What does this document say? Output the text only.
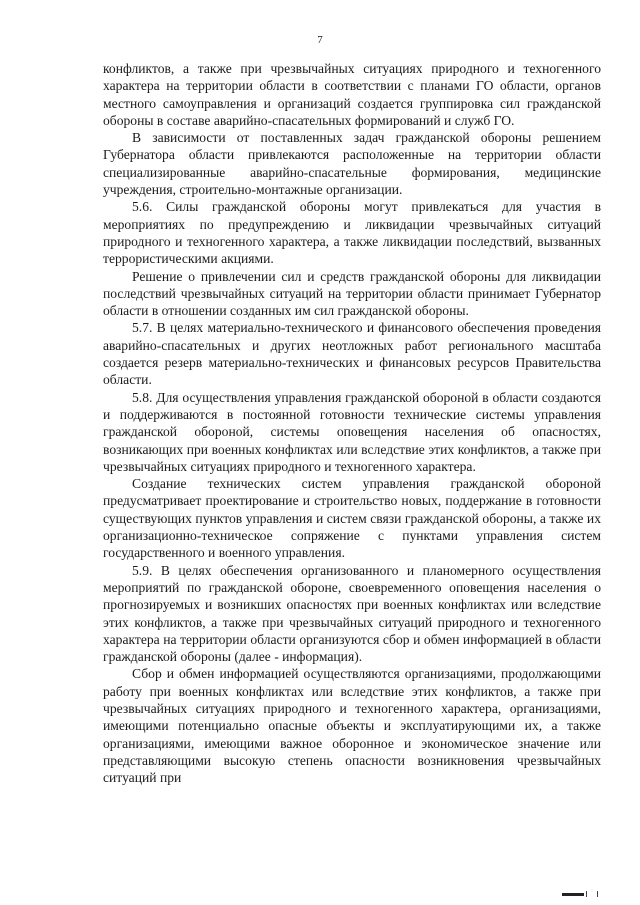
7

конфликтов, а также при чрезвычайных ситуациях природного и техногенного характера на территории области в соответствии с планами ГО области, органов местного самоуправления и организаций создается группировка сил гражданской обороны в составе аварийно-спасательных формирований и служб ГО.

В зависимости от поставленных задач гражданской обороны решением Губернатора области привлекаются расположенные на территории области специализированные аварийно-спасательные формирования, медицинские учреждения, строительно-монтажные организации.

5.6. Силы гражданской обороны могут привлекаться для участия в мероприятиях по предупреждению и ликвидации чрезвычайных ситуаций природного и техногенного характера, а также ликвидации последствий, вызванных террористическими акциями.

Решение о привлечении сил и средств гражданской обороны для ликвидации последствий чрезвычайных ситуаций на территории области принимает Губернатор области в отношении созданных им сил гражданской обороны.

5.7. В целях материально-технического и финансового обеспечения проведения аварийно-спасательных и других неотложных работ регионального масштаба создается резерв материально-технических и финансовых ресурсов Правительства области.

5.8. Для осуществления управления гражданской обороной в области создаются и поддерживаются в постоянной готовности технические системы управления гражданской обороной, системы оповещения населения об опасностях, возникающих при военных конфликтах или вследствие этих конфликтов, а также при чрезвычайных ситуациях природного и техногенного характера.

Создание технических систем управления гражданской обороной предусматривает проектирование и строительство новых, поддержание в готовности существующих пунктов управления и систем связи гражданской обороны, а также их организационно-техническое сопряжение с пунктами управления систем государственного и военного управления.

5.9. В целях обеспечения организованного и планомерного осуществления мероприятий по гражданской обороне, своевременного оповещения населения о прогнозируемых и возникших опасностях при военных конфликтах или вследствие этих конфликтов, а также при чрезвычайных ситуаций природного и техногенного характера на территории области организуются сбор и обмен информацией в области гражданской обороны (далее - информация).

Сбор и обмен информацией осуществляются организациями, продолжающими работу при военных конфликтах или вследствие этих конфликтов, а также при чрезвычайных ситуациях природного и техногенного характера, организациями, имеющими потенциально опасные объекты и эксплуатирующими их, а также организациями, имеющими важное оборонное и экономическое значение или представляющими высокую степень опасности возникновения чрезвычайных ситуаций при
